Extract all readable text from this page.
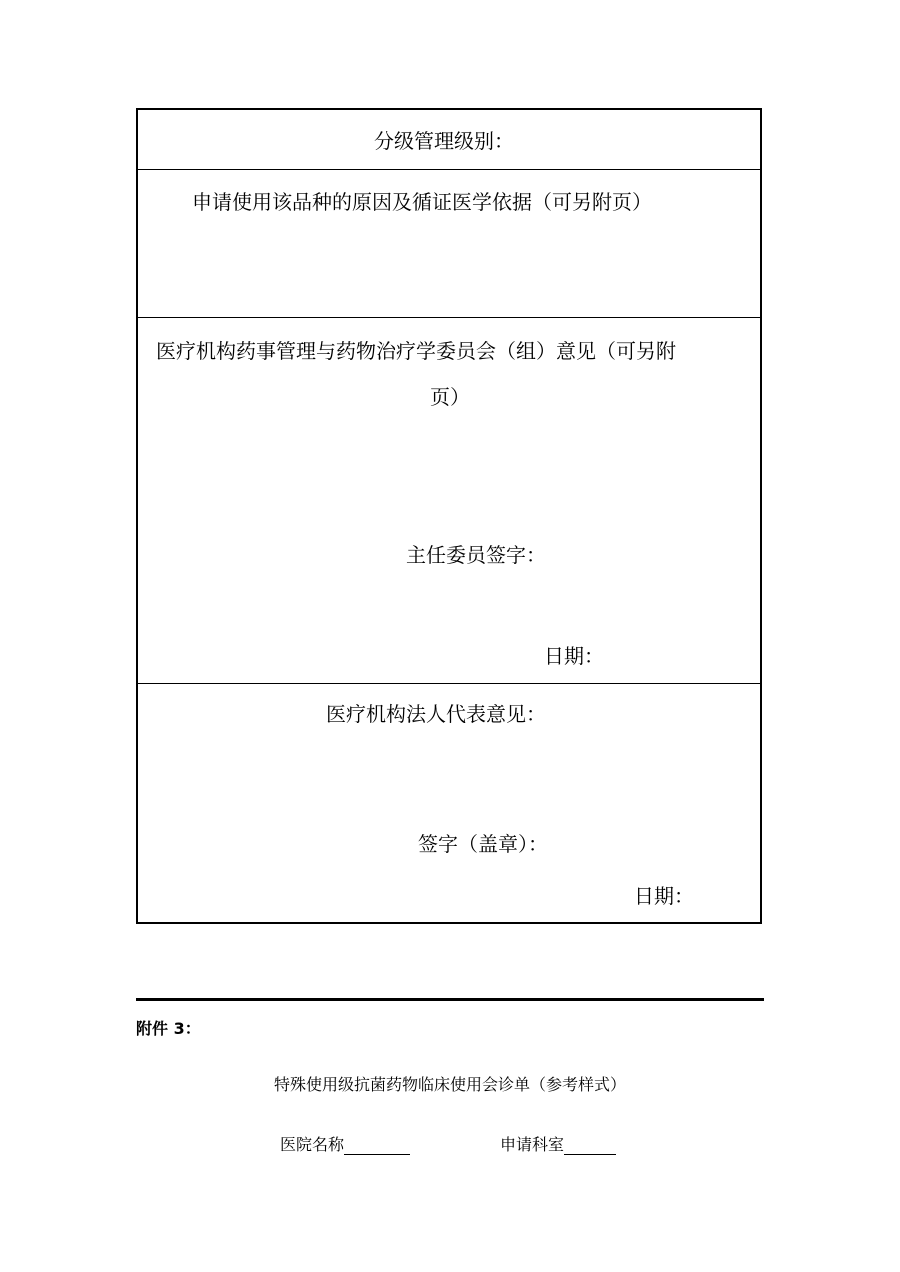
分级管理级别：
申请使用该品种的原因及循证医学依据（可另附页）
医疗机构药事管理与药物治疗学委员会（组）意见（可另附
页）
主任委员签字：
日期：
医疗机构法人代表意见：
签字（盖章）：
日期：
附件 3：
特殊使用级抗菌药物临床使用会诊单（参考样式）
医院名称	申请科室
